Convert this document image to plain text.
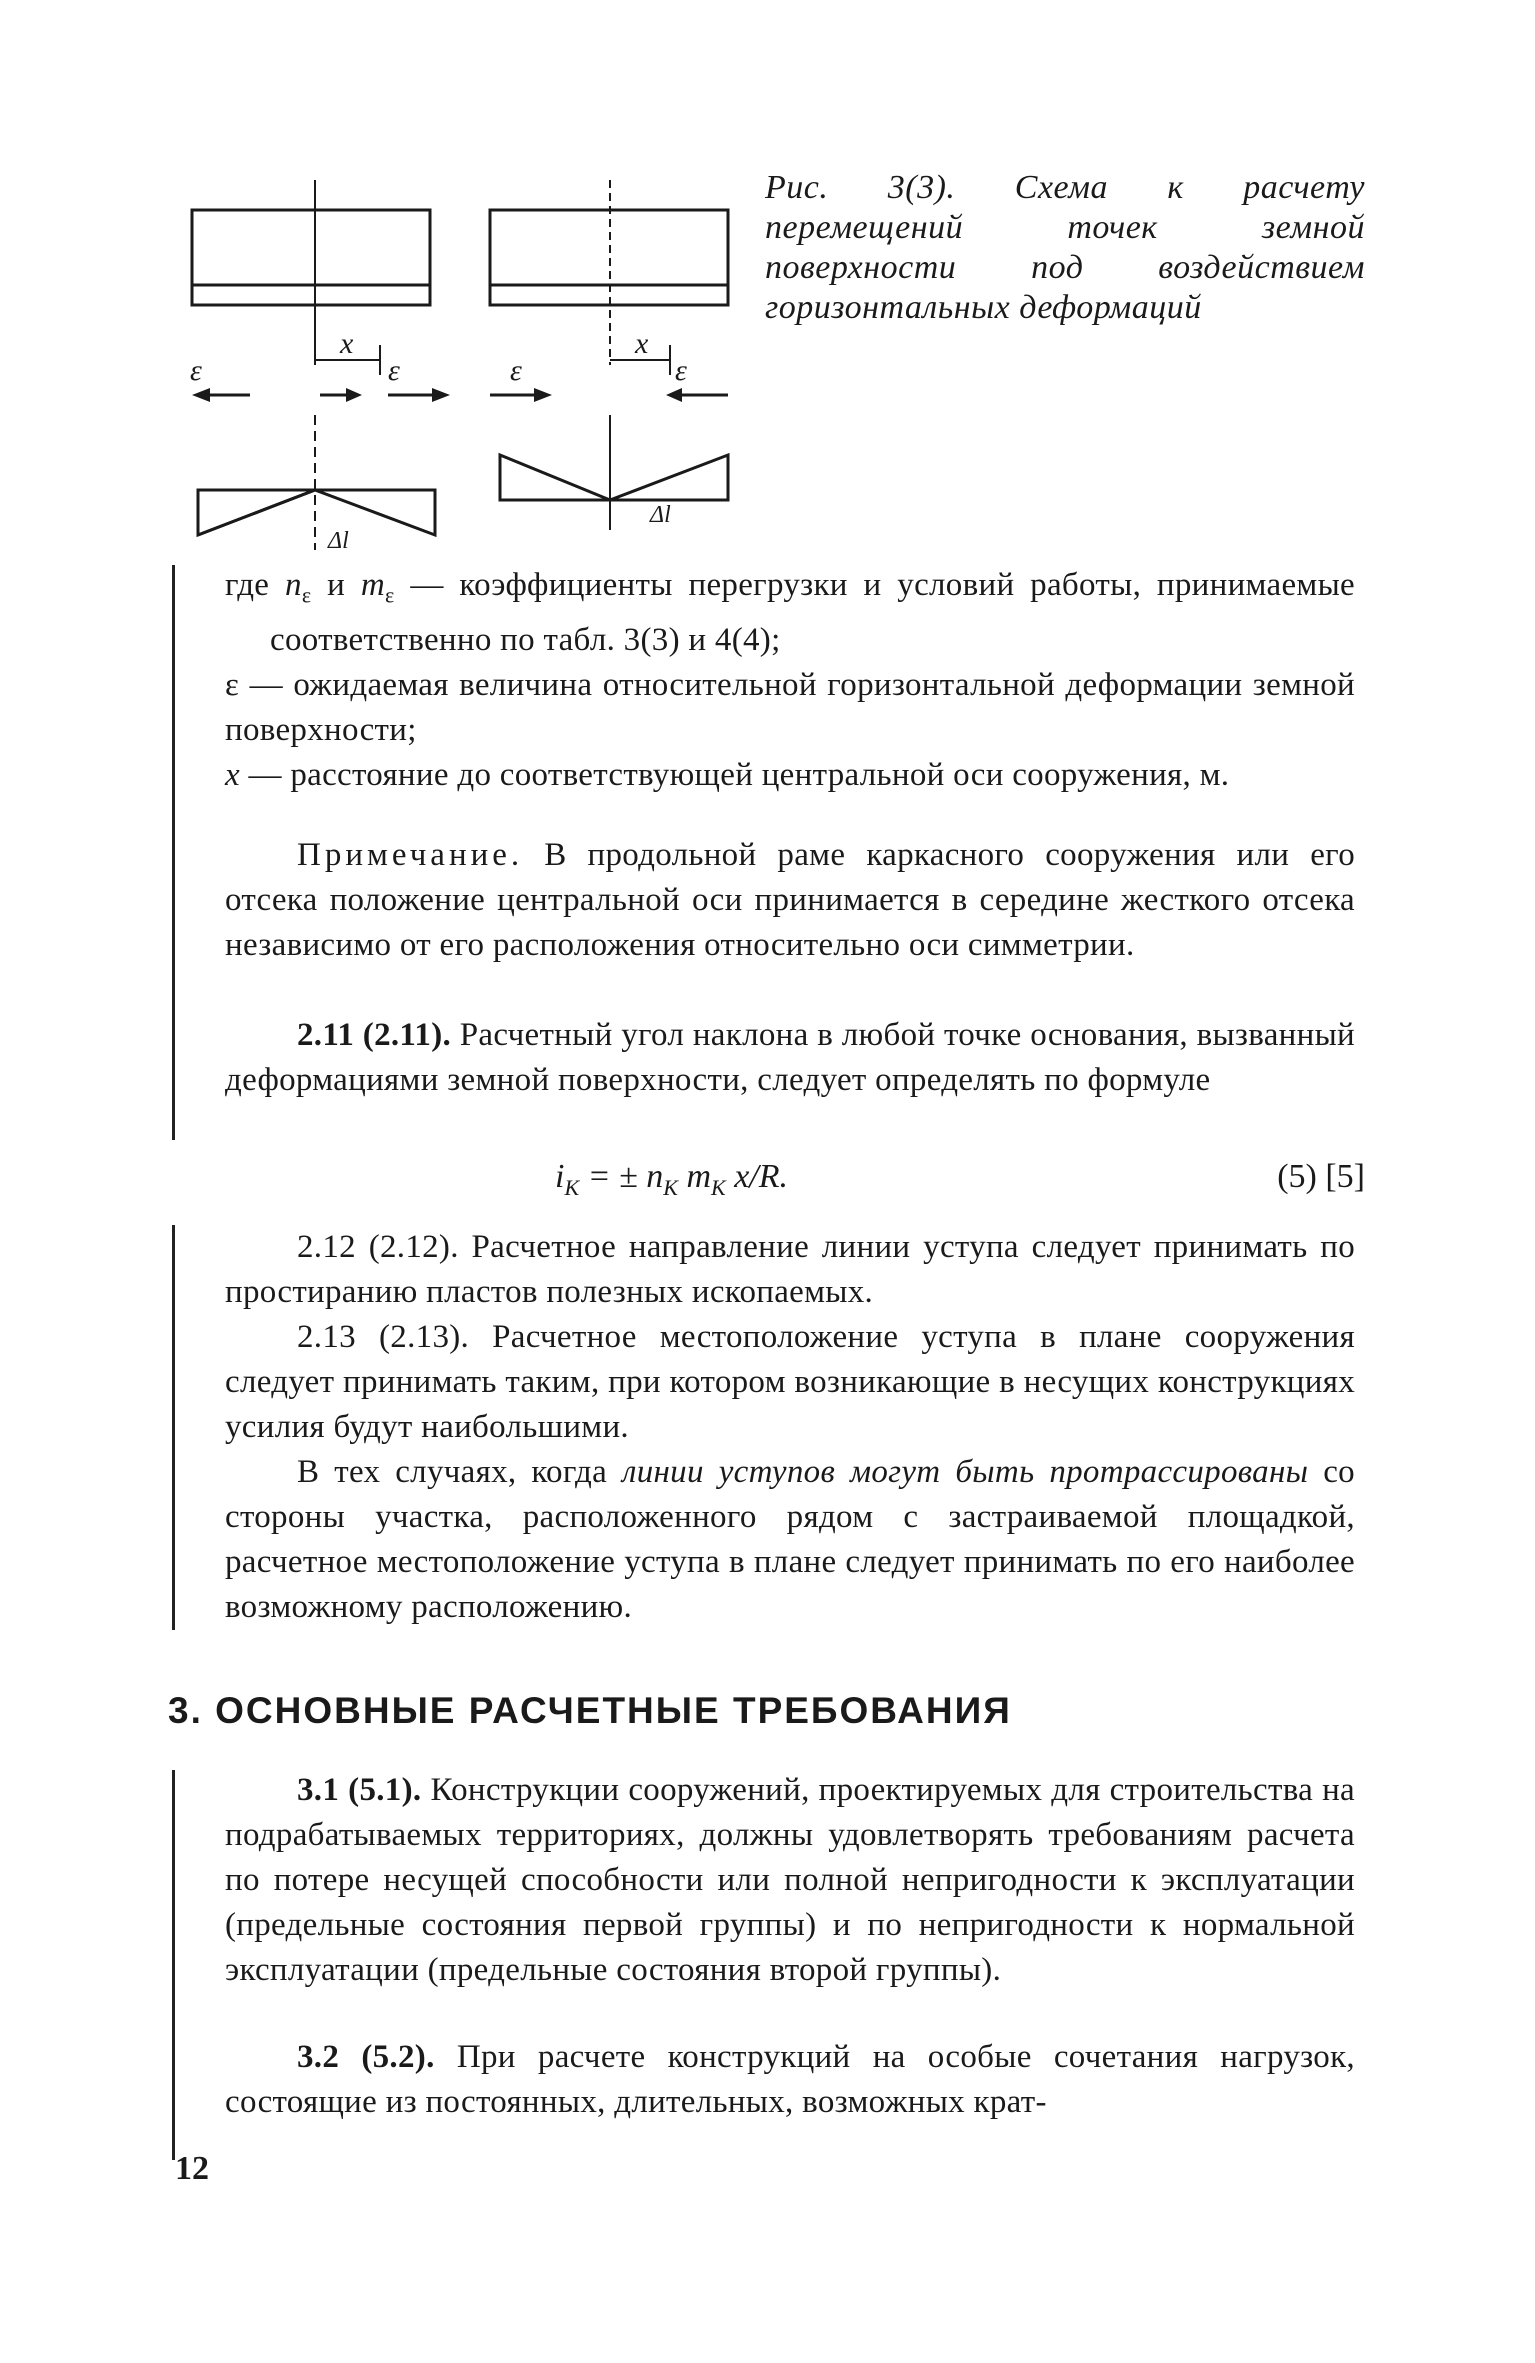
Рис. 3(3). Схема к расчету перемещений точек земной поверхности под воздействием горизонтальных деформаций
ε
x
ε	ε
x
ε
Δl
Δl

где $n_\varepsilon$ и $m_\varepsilon$ — коэффициенты перегрузки и условий работы, принимаемые соответственно по табл. 3(3) и 4(4);

ε — ожидаемая величина относительной горизонтальной деформации земной поверхности;

x — расстояние до соответствующей центральной оси сооружения, м.

Примечание. В продольной раме каркасного сооружения или его отсека положение центральной оси принимается в середине жесткого отсека независимо от его расположения относительно оси симметрии.

2.11 (2.11). Расчетный угол наклона в любой точке основания, вызванный деформациями земной поверхности, следует определять по формуле

$i_K$ = ± $n_K$ $m_K$ x/R.	(5) [5]

2.12 (2.12). Расчетное направление линии уступа следует принимать по простиранию пластов полезных ископаемых.

2.13 (2.13). Расчетное местоположение уступа в плане сооружения следует принимать таким, при котором возникающие в несущих конструкциях усилия будут наибольшими.

В тех случаях, когда линии уступов могут быть протрассированы со стороны участка, расположенного рядом с застраиваемой площадкой, расчетное местоположение уступа в плане следует принимать по его наиболее возможному расположению.

3. ОСНОВНЫЕ РАСЧЕТНЫЕ ТРЕБОВАНИЯ

3.1 (5.1). Конструкции сооружений, проектируемых для строительства на подрабатываемых территориях, должны удовлетворять требованиям расчета по потере несущей способности или полной непригодности к эксплуатации (предельные состояния первой группы) и по непригодности к нормальной эксплуатации (предельные состояния второй группы).

3.2 (5.2). При расчете конструкций на особые сочетания нагрузок, состоящие из постоянных, длительных, возможных крат-

12
